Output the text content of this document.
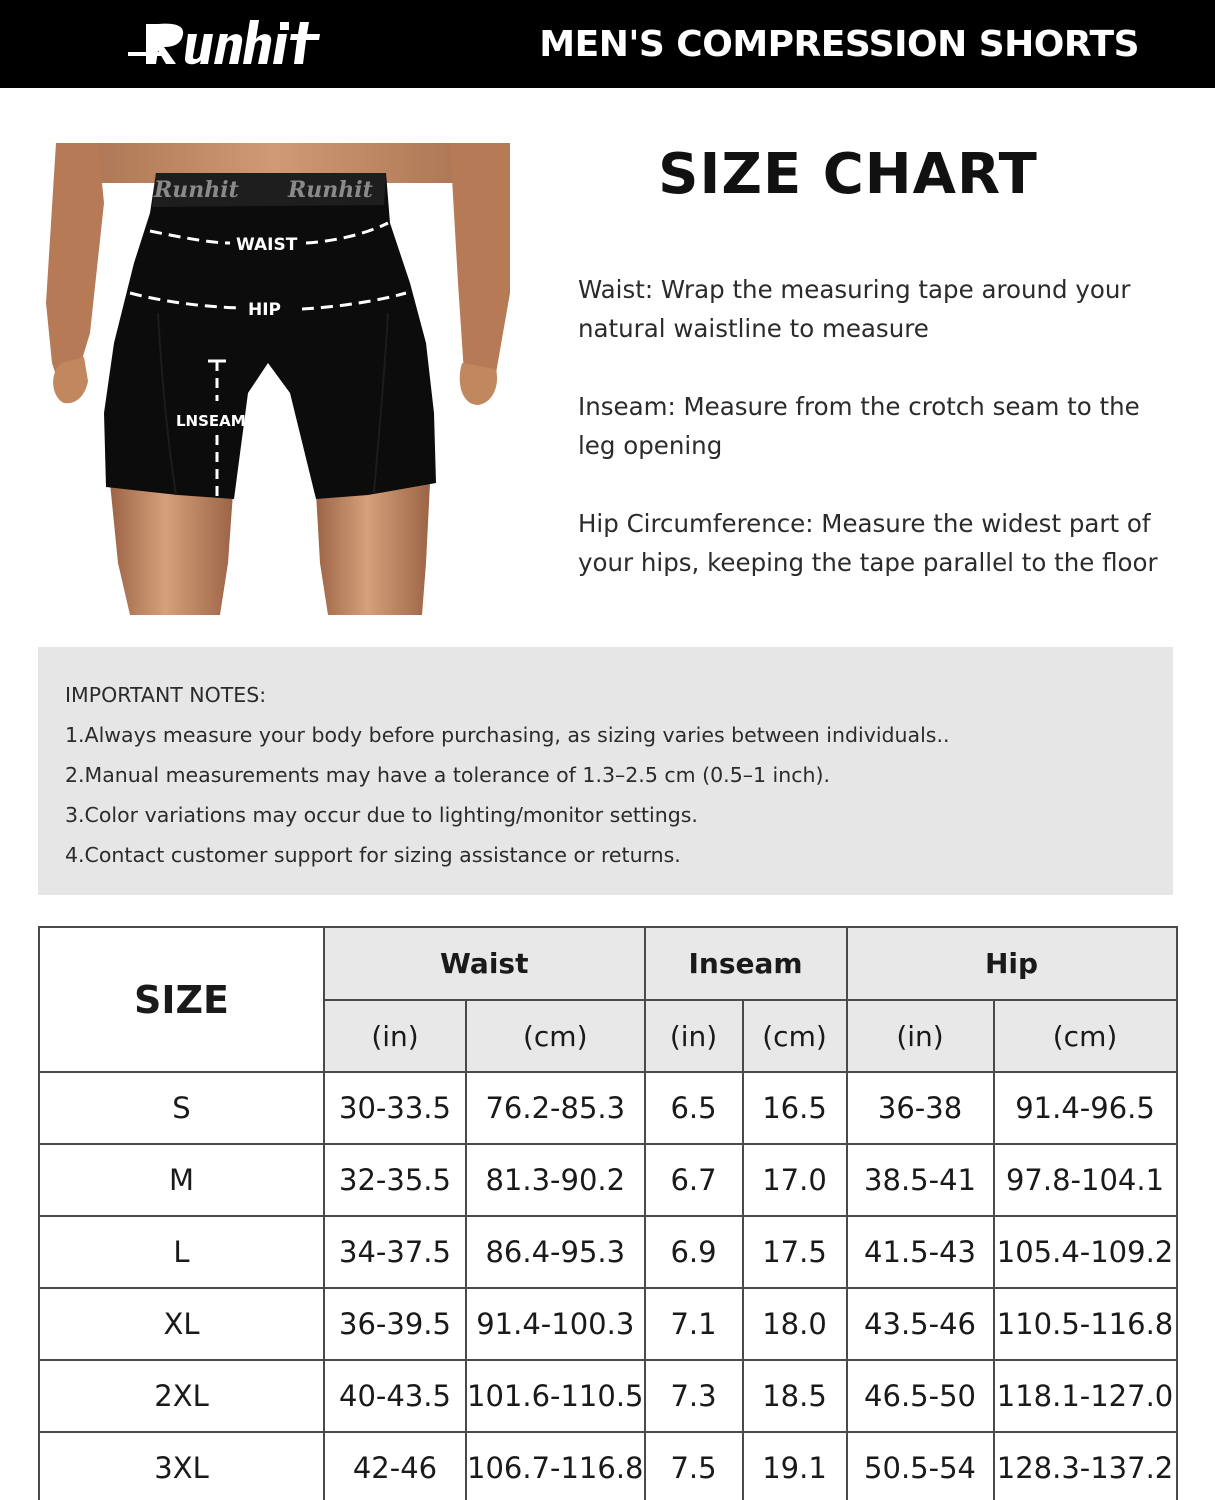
MEN'S COMPRESSION SHORTS
Runhit Runhit
WAIST
HIP
LNSEAM
SIZE CHART
Waist: Wrap the measuring tape around your natural waistline to measure
Inseam: Measure from the crotch seam to the leg opening
Hip Circumference: Measure the widest part of your hips, keeping the tape parallel to the floor

IMPORTANT NOTES:

1.Always measure your body before purchasing, as sizing varies between individuals..

2.Manual measurements may have a tolerance of 1.3–2.5 cm (0.5–1 inch).

3.Color variations may occur due to lighting/monitor settings.

4.Contact customer support for sizing assistance or returns.

SIZE	Waist		Inseam		Hip	
	(in)	(cm)	(in)	(cm)	(in)	(cm)
S	30-33.5	76.2-85.3	6.5	16.5	36-38	91.4-96.5
M	32-35.5	81.3-90.2	6.7	17.0	38.5-41	97.8-104.1
L	34-37.5	86.4-95.3	6.9	17.5	41.5-43	105.4-109.2
XL	36-39.5	91.4-100.3	7.1	18.0	43.5-46	110.5-116.8
2XL	40-43.5	101.6-110.5	7.3	18.5	46.5-50	118.1-127.0
3XL	42-46	106.7-116.8	7.5	19.1	50.5-54	128.3-137.2
